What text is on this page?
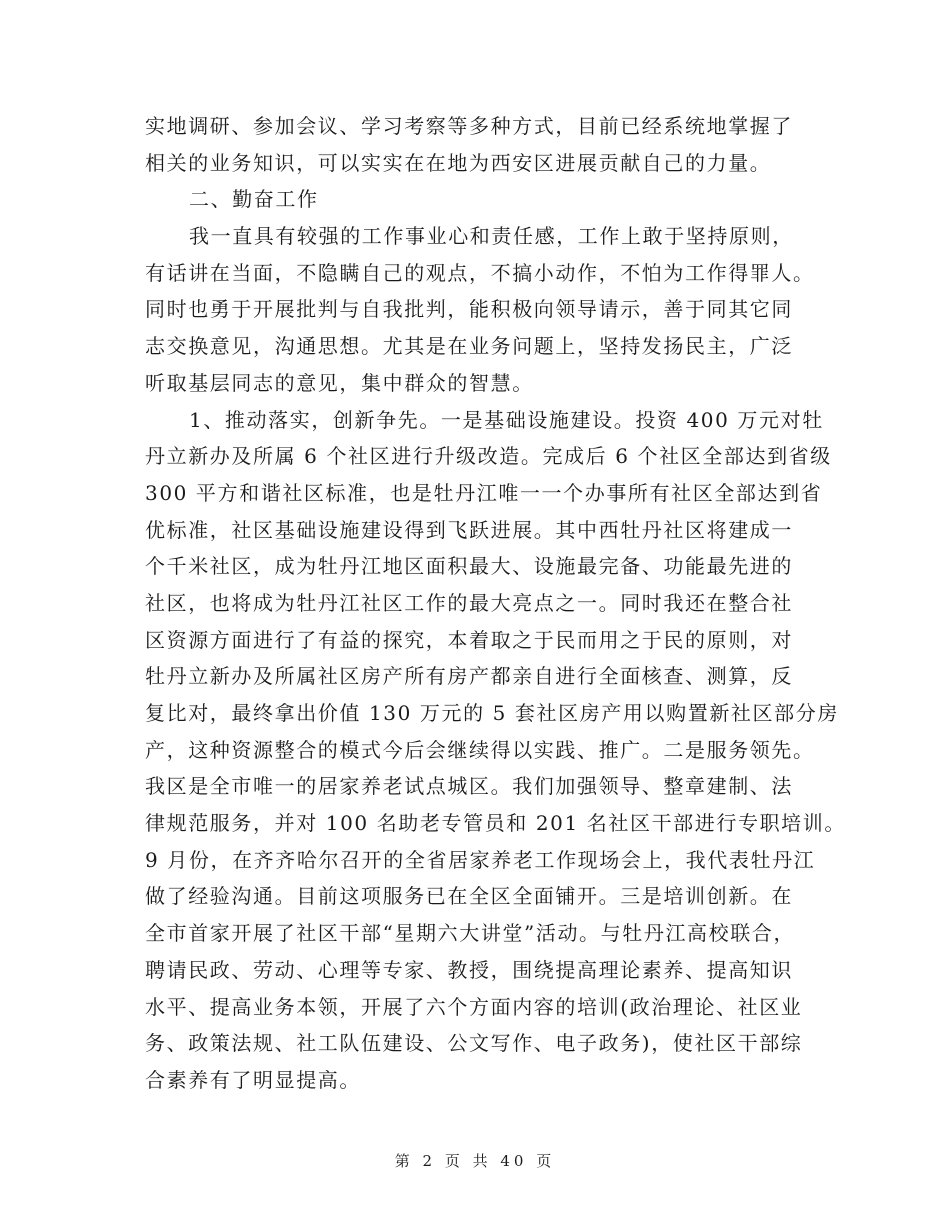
实地调研、参加会议、学习考察等多种方式，目前已经系统地掌握了
相关的业务知识，可以实实在在地为西安区进展贡献自己的力量。
二、勤奋工作
我一直具有较强的工作事业心和责任感，工作上敢于坚持原则，
有话讲在当面，不隐瞒自己的观点，不搞小动作，不怕为工作得罪人。
同时也勇于开展批判与自我批判，能积极向领导请示，善于同其它同
志交换意见，沟通思想。尤其是在业务问题上，坚持发扬民主，广泛
听取基层同志的意见，集中群众的智慧。
1、推动落实，创新争先。一是基础设施建设。投资 400 万元对牡
丹立新办及所属 6 个社区进行升级改造。完成后 6 个社区全部达到省级
300 平方和谐社区标准，也是牡丹江唯一一个办事所有社区全部达到省
优标准，社区基础设施建设得到飞跃进展。其中西牡丹社区将建成一
个千米社区，成为牡丹江地区面积最大、设施最完备、功能最先进的
社区，也将成为牡丹江社区工作的最大亮点之一。同时我还在整合社
区资源方面进行了有益的探究，本着取之于民而用之于民的原则，对
牡丹立新办及所属社区房产所有房产都亲自进行全面核查、测算，反
复比对，最终拿出价值 130 万元的 5 套社区房产用以购置新社区部分房
产，这种资源整合的模式今后会继续得以实践、推广。二是服务领先。
我区是全市唯一的居家养老试点城区。我们加强领导、整章建制、法
律规范服务，并对 100 名助老专管员和 201 名社区干部进行专职培训。
9 月份，在齐齐哈尔召开的全省居家养老工作现场会上，我代表牡丹江
做了经验沟通。目前这项服务已在全区全面铺开。三是培训创新。在
全市首家开展了社区干部“星期六大讲堂”活动。与牡丹江高校联合，
聘请民政、劳动、心理等专家、教授，围绕提高理论素养、提高知识
水平、提高业务本领，开展了六个方面内容的培训(政治理论、社区业
务、政策法规、社工队伍建设、公文写作、电子政务)，使社区干部综
合素养有了明显提高。
第 2 页 共 40 页
